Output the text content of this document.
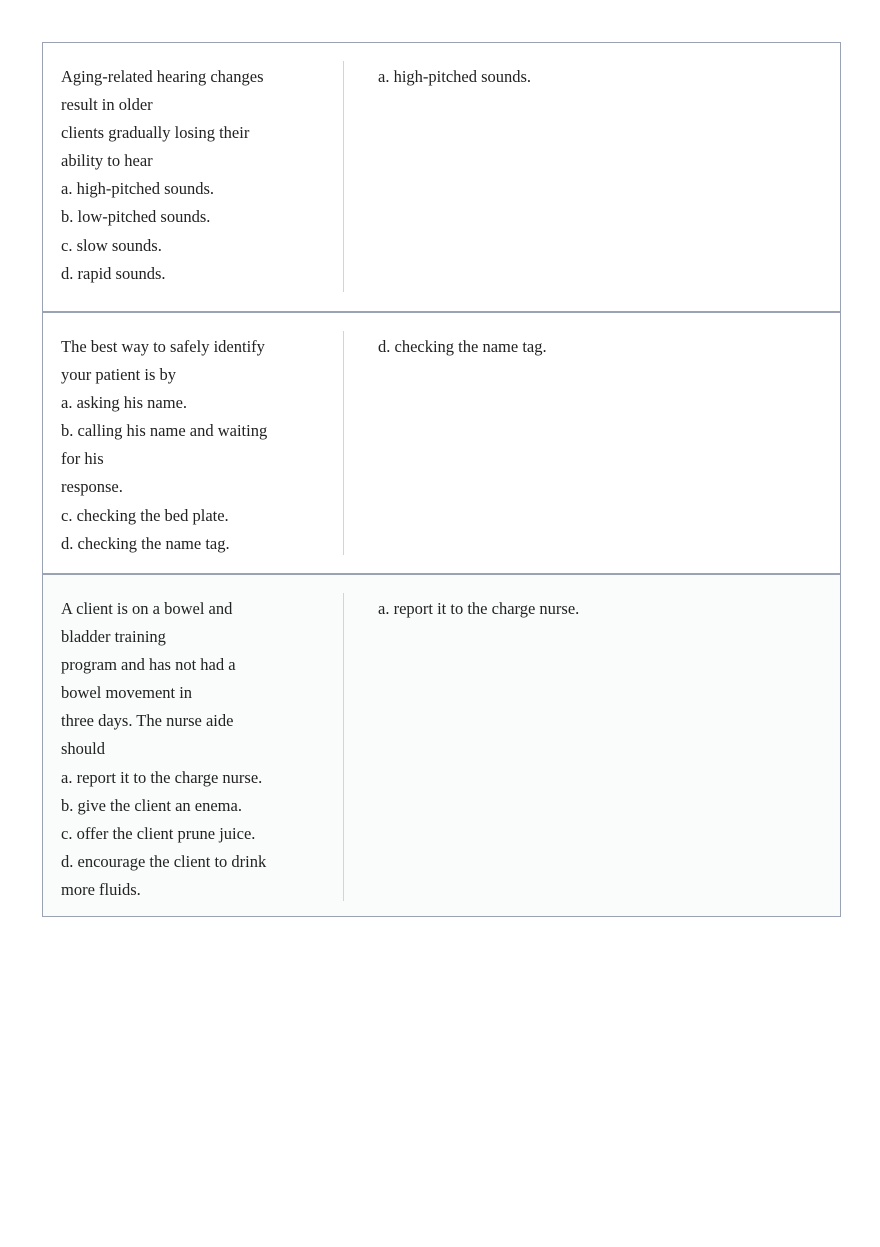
Aging-related hearing changes
result in older
clients gradually losing their
ability to hear
a. high-pitched sounds.
b. low-pitched sounds.
c. slow sounds.
d. rapid sounds.
a. high-pitched sounds.
The best way to safely identify
your patient is by
a. asking his name.
b. calling his name and waiting
for his
response.
c. checking the bed plate.
d. checking the name tag.
d. checking the name tag.
A client is on a bowel and
bladder training
program and has not had a
bowel movement in
three days. The nurse aide
should
a. report it to the charge nurse.
b. give the client an enema.
c. offer the client prune juice.
d. encourage the client to drink
more fluids.
a. report it to the charge nurse.
